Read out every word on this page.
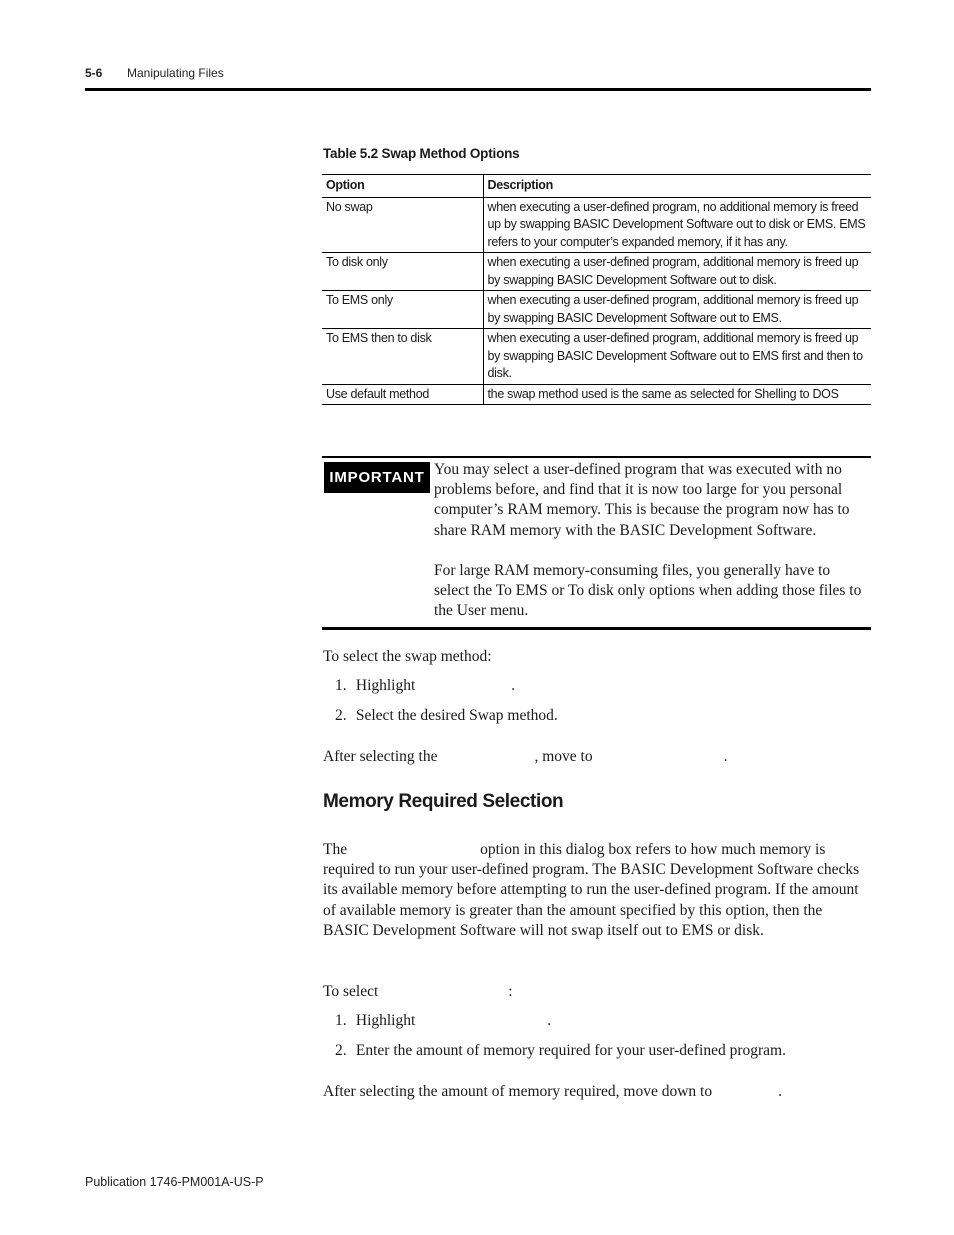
5-6 Manipulating Files
Table 5.2 Swap Method Options
Option	Description
No swap	when executing a user-defined program, no additional memory is freed up by swapping BASIC Development Software out to disk or EMS. EMS refers to your computer’s expanded memory, if it has any.
To disk only	when executing a user-defined program, additional memory is freed up by swapping BASIC Development Software out to disk.
To EMS only	when executing a user-defined program, additional memory is freed up by swapping BASIC Development Software out to EMS.
To EMS then to disk	when executing a user-defined program, additional memory is freed up by swapping BASIC Development Software out to EMS first and then to disk.
Use default method	the swap method used is the same as selected for Shelling to DOS
IMPORTANT You may select a user-defined program that was executed with no problems before, and find that it is now too large for you personal computer’s RAM memory. This is because the program now has to share RAM memory with the BASIC Development Software.

For large RAM memory-consuming files, you generally have to select the To EMS or To disk only options when adding those files to the User menu.

To select the swap method:
1. Highlight	.
2. Select the desired Swap method.
After selecting the	, move to	.
Memory Required Selection
The	option in this dialog box refers to how much memory is required to run your user-defined program. The BASIC Development Software checks its available memory before attempting to run the user-defined program. If the amount of available memory is greater than the amount specified by this option, then the BASIC Development Software will not swap itself out to EMS or disk.
To select	:
1. Highlight	.
2. Enter the amount of memory required for your user-defined program.
After selecting the amount of memory required, move down to	.
Publication 1746-PM001A-US-P
